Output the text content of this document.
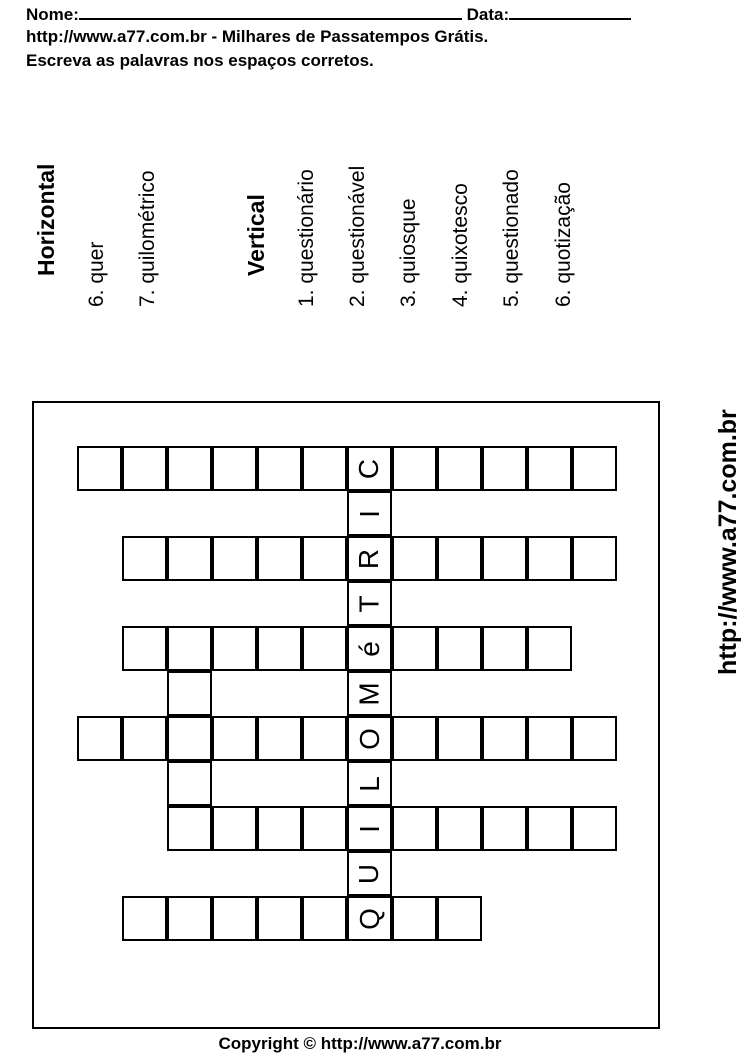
Nome:	Data:
http://www.a77.com.br - Milhares de Passatempos Grátis.
Escreva as palavras nos espaços corretos.
Horizontal 6. quer 7. quilométrico	Vertical 1. questionário 2. questionável 3. quiosque 4. quixotesco 5. questionado 6. quotização
C
R
é
O
I
Q
I
T
M
L
U
http://www.a77.com.br
Copyright © http://www.a77.com.br
